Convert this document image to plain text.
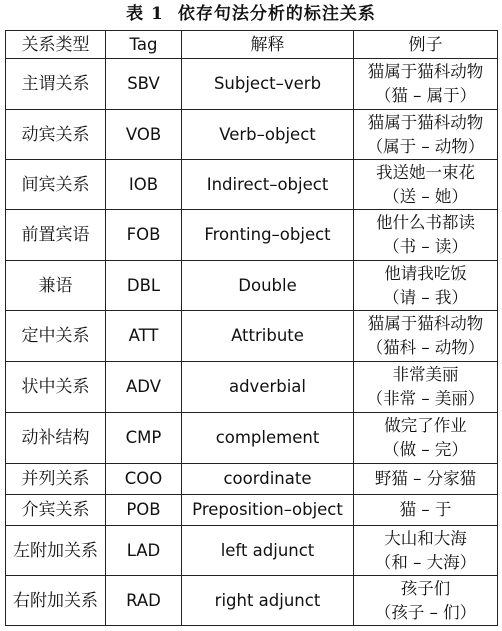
表 1 依存句法分析的标注关系
关系类型	Tag	解释	例子
主谓关系	SBV	Subject–verb	猫属于猫科动物
（猫 – 属于）

动宾关系	VOB	Verb–object	猫属于猫科动物
（属于 – 动物）

间宾关系	IOB	Indirect–object	我送她一束花
（送 – 她）

前置宾语	FOB	Fronting–object	他什么书都读
（书 – 读）

兼语	DBL	Double	他请我吃饭
（请 – 我）

定中关系	ATT	Attribute	猫属于猫科动物
（猫科 – 动物）

状中关系	ADV	adverbial	非常美丽
（非常 – 美丽）

动补结构	CMP	complement	做完了作业
（做 – 完）

并列关系	COO	coordinate	野猫 – 分家猫

介宾关系	POB	Preposition–object	猫 – 于

左附加关系	LAD	left adjunct	大山和大海
（和 – 大海）

右附加关系	RAD	right adjunct	孩子们
（孩子 – 们）
